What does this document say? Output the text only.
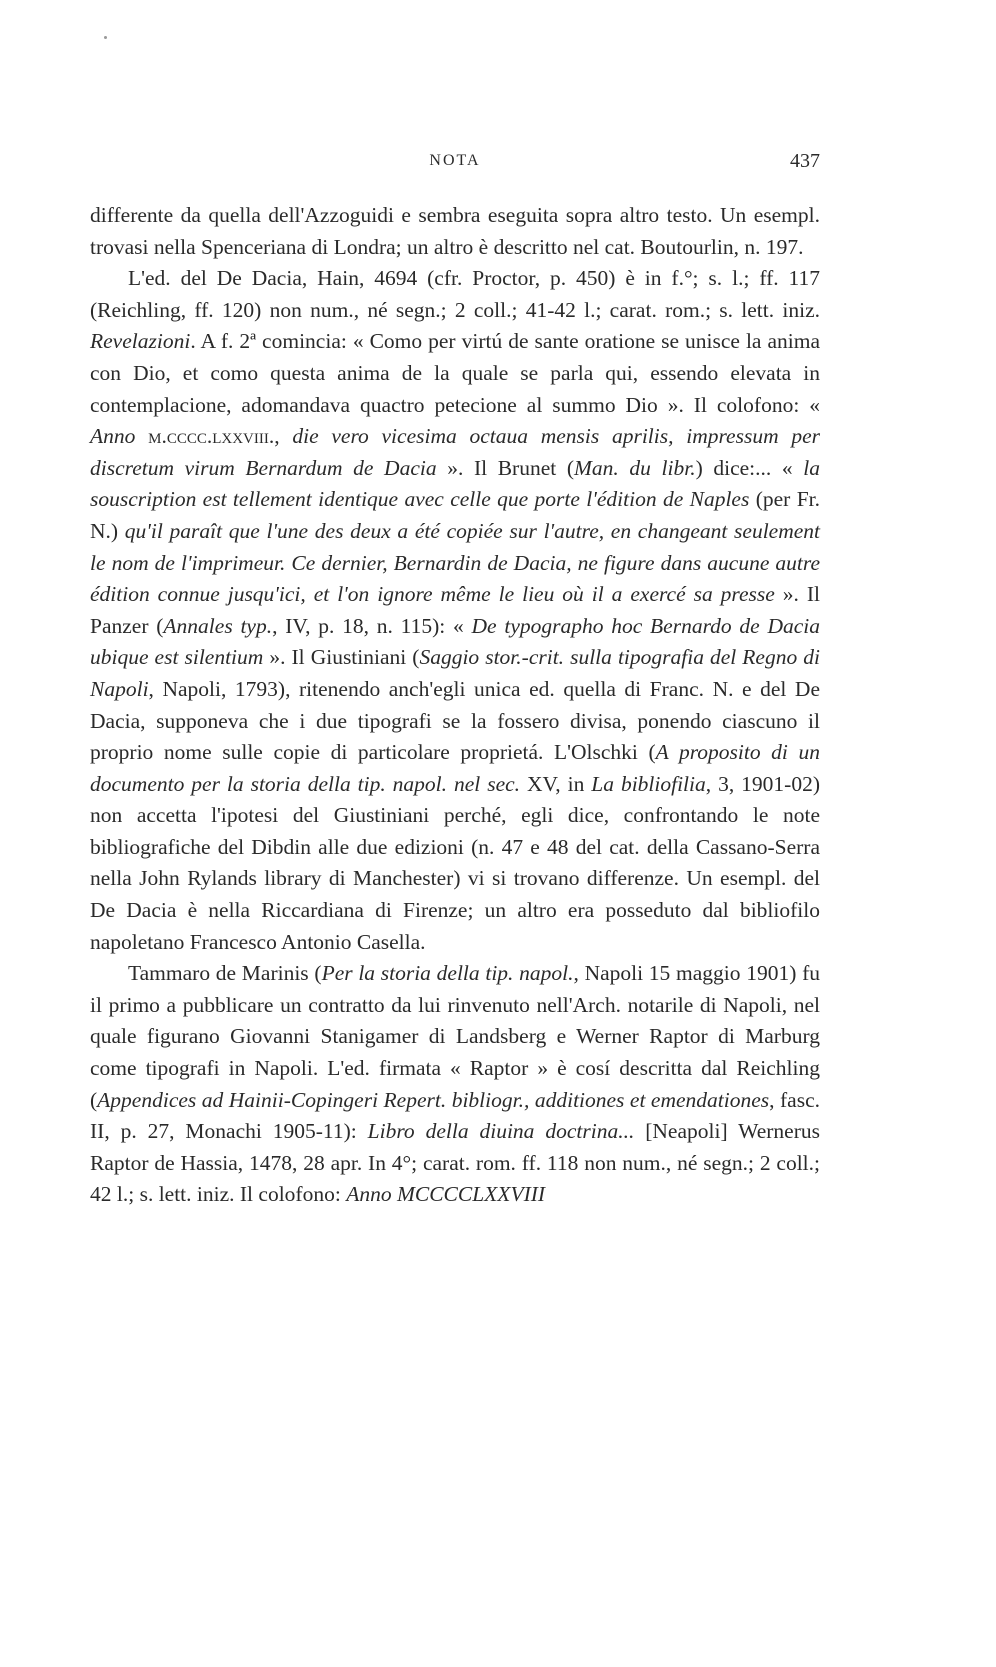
NOTA	437

differente da quella dell'Azzoguidi e sembra eseguita sopra altro testo. Un esempl. trovasi nella Spenceriana di Londra; un altro è descritto nel cat. Boutourlin, n. 197.

L'ed. del De Dacia, Hain, 4694 (cfr. Proctor, p. 450) è in f.°; s. l.; ff. 117 (Reichling, ff. 120) non num., né segn.; 2 coll.; 41-42 l.; carat. rom.; s. lett. iniz. Revelazioni. A f. 2ª comincia: « Como per virtú de sante oratione se unisce la anima con Dio, et como questa anima de la quale se parla qui, essendo elevata in contemplacione, adomandava quactro petecione al summo Dio ». Il colofono: « Anno m.cccc.lxxviii., die vero vicesima octaua mensis aprilis, impressum per discretum virum Bernardum de Dacia ». Il Brunet (Man. du libr.) dice:... « la souscription est tellement identique avec celle que porte l'édition de Naples (per Fr. N.) qu'il paraît que l'une des deux a été copiée sur l'autre, en changeant seulement le nom de l'imprimeur. Ce dernier, Bernardin de Dacia, ne figure dans aucune autre édition connue jusqu'ici, et l'on ignore même le lieu où il a exercé sa presse ». Il Panzer (Annales typ., IV, p. 18, n. 115): « De typographo hoc Bernardo de Dacia ubique est silentium ». Il Giustiniani (Saggio stor.-crit. sulla tipografia del Regno di Napoli, Napoli, 1793), ritenendo anch'egli unica ed. quella di Franc. N. e del De Dacia, supponeva che i due tipografi se la fossero divisa, ponendo ciascuno il proprio nome sulle copie di particolare proprietá. L'Olschki (A proposito di un documento per la storia della tip. napol. nel sec. XV, in La bibliofilia, 3, 1901-02) non accetta l'ipotesi del Giustiniani perché, egli dice, confrontando le note bibliografiche del Dibdin alle due edizioni (n. 47 e 48 del cat. della Cassano-Serra nella John Rylands library di Manchester) vi si trovano differenze. Un esempl. del De Dacia è nella Riccardiana di Firenze; un altro era posseduto dal bibliofilo napoletano Francesco Antonio Casella.

Tammaro de Marinis (Per la storia della tip. napol., Napoli 15 maggio 1901) fu il primo a pubblicare un contratto da lui rinvenuto nell'Arch. notarile di Napoli, nel quale figurano Giovanni Stanigamer di Landsberg e Werner Raptor di Marburg come tipografi in Napoli. L'ed. firmata « Raptor » è cosí descritta dal Reichling (Appendices ad Hainii-Copingeri Repert. bibliogr., additiones et emendationes, fasc. II, p. 27, Monachi 1905-11): Libro della diuina doctrina... [Neapoli] Wernerus Raptor de Hassia, 1478, 28 apr. In 4°; carat. rom. ff. 118 non num., né segn.; 2 coll.; 42 l.; s. lett. iniz. Il colofono: Anno MCCCCLXXVIII
